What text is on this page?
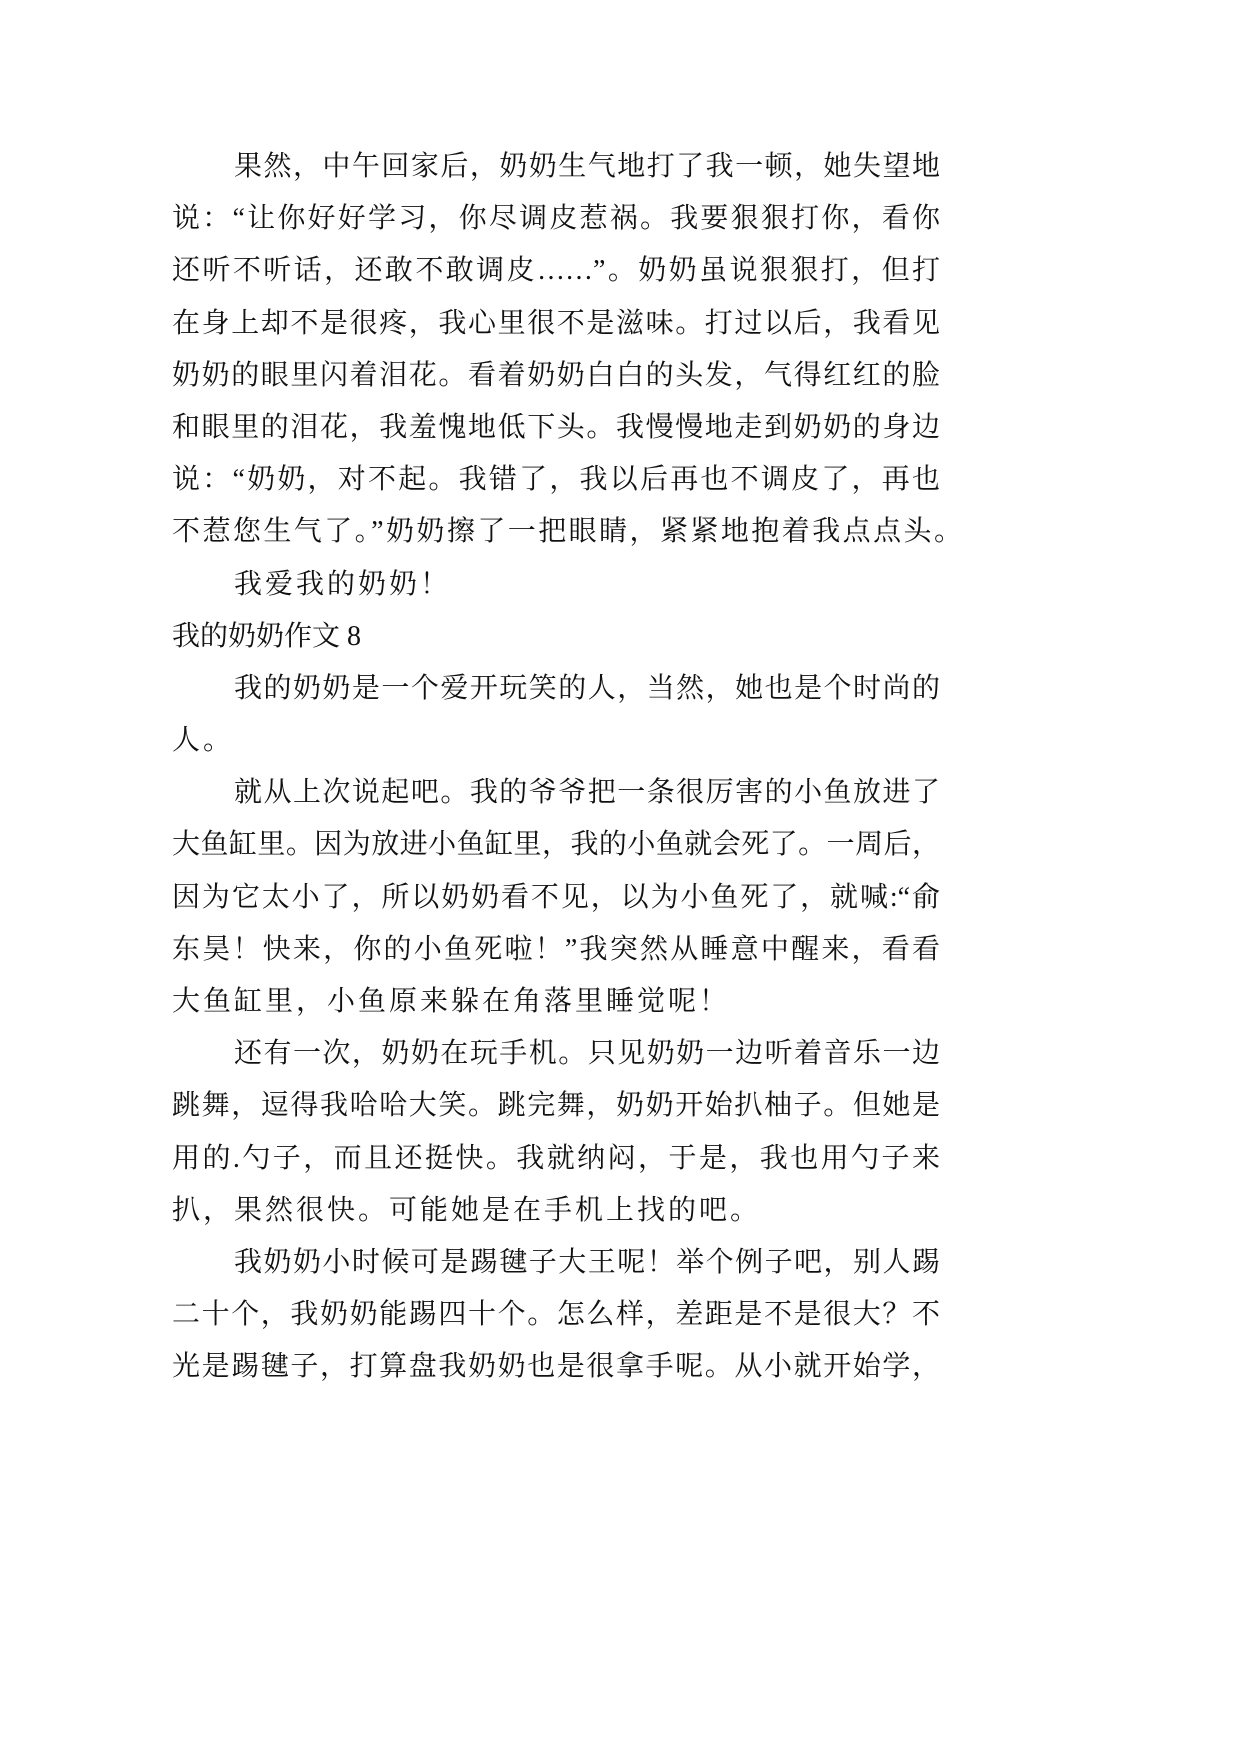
果然，中午回家后，奶奶生气地打了我一顿，她失望地
说：“让你好好学习，你尽调皮惹祸。我要狠狠打你，看你
还听不听话，还敢不敢调皮……”。奶奶虽说狠狠打，但打
在身上却不是很疼，我心里很不是滋味。打过以后，我看见
奶奶的眼里闪着泪花。看着奶奶白白的头发，气得红红的脸
和眼里的泪花，我羞愧地低下头。我慢慢地走到奶奶的身边
说：“奶奶，对不起。我错了，我以后再也不调皮了，再也
不惹您生气了。”奶奶擦了一把眼睛，紧紧地抱着我点点头。
我爱我的奶奶！
我的奶奶作文 8
我的奶奶是一个爱开玩笑的人，当然，她也是个时尚的
人。
就从上次说起吧。我的爷爷把一条很厉害的小鱼放进了
大鱼缸里。因为放进小鱼缸里，我的小鱼就会死了。一周后，
因为它太小了，所以奶奶看不见，以为小鱼死了，就喊:“俞
东昊！快来，你的小鱼死啦！”我突然从睡意中醒来，看看
大鱼缸里，小鱼原来躲在角落里睡觉呢！
还有一次，奶奶在玩手机。只见奶奶一边听着音乐一边
跳舞，逗得我哈哈大笑。跳完舞，奶奶开始扒柚子。但她是
用的.勺子，而且还挺快。我就纳闷，于是，我也用勺子来
扒，果然很快。可能她是在手机上找的吧。
我奶奶小时候可是踢毽子大王呢！举个例子吧，别人踢
二十个，我奶奶能踢四十个。怎么样，差距是不是很大？不
光是踢毽子，打算盘我奶奶也是很拿手呢。从小就开始学，
